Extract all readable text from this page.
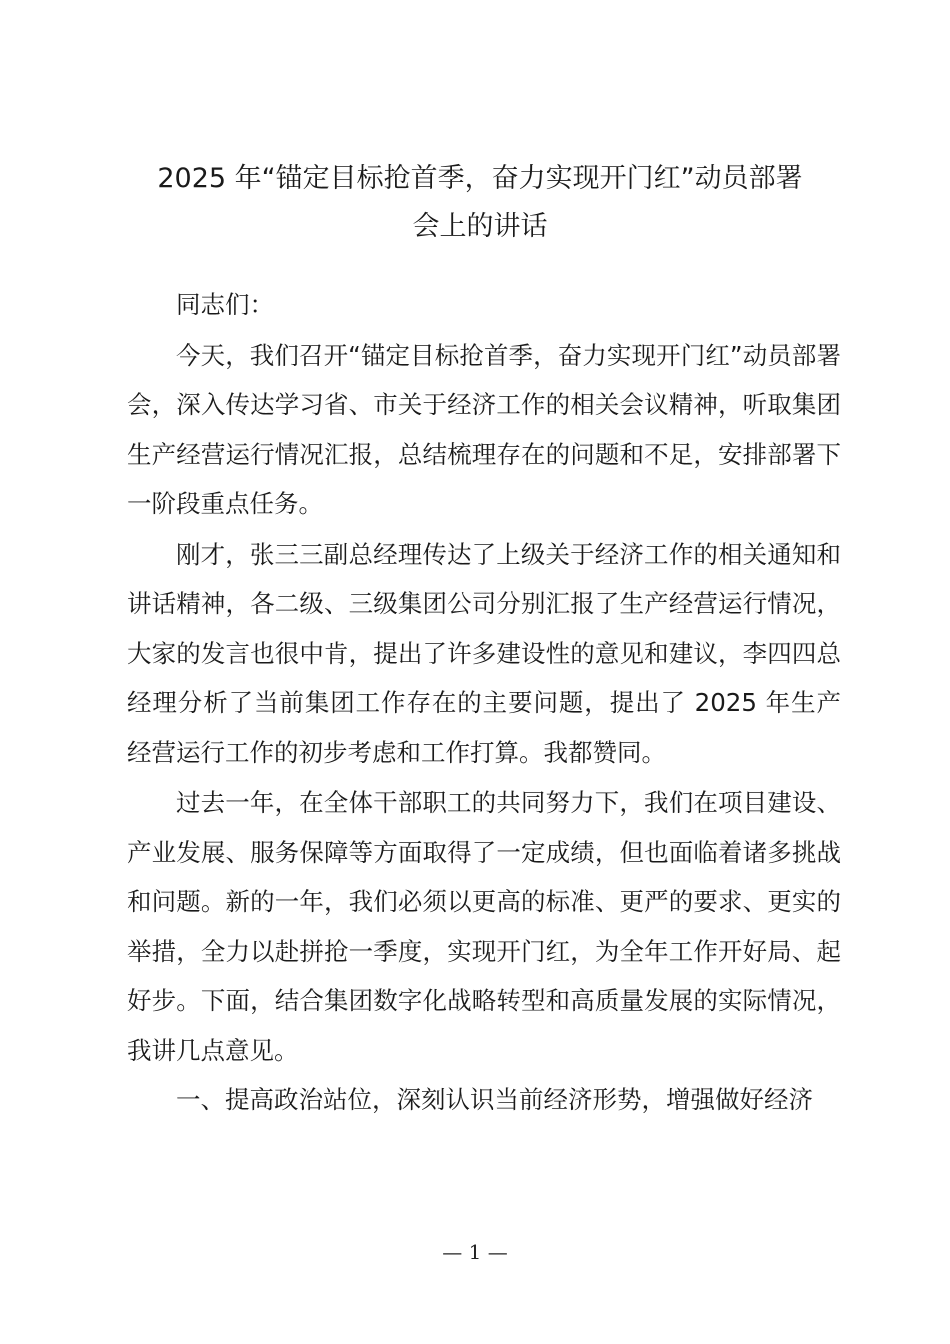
2025 年“锚定目标抢首季，奋力实现开门红”动员部署
会上的讲话

同志们：

今天，我们召开“锚定目标抢首季，奋力实现开门红”动员部署会，深入传达学习省、市关于经济工作的相关会议精神，听取集团生产经营运行情况汇报，总结梳理存在的问题和不足，安排部署下一阶段重点任务。

刚才，张三三副总经理传达了上级关于经济工作的相关通知和讲话精神，各二级、三级集团公司分别汇报了生产经营运行情况，大家的发言也很中肯，提出了许多建设性的意见和建议，李四四总经理分析了当前集团工作存在的主要问题，提出了 2025 年生产经营运行工作的初步考虑和工作打算。我都赞同。

过去一年，在全体干部职工的共同努力下，我们在项目建设、产业发展、服务保障等方面取得了一定成绩，但也面临着诸多挑战和问题。新的一年，我们必须以更高的标准、更严的要求、更实的举措，全力以赴拼抢一季度，实现开门红，为全年工作开好局、起好步。下面，结合集团数字化战略转型和高质量发展的实际情况，我讲几点意见。

一、提高政治站位，深刻认识当前经济形势，增强做好经济

— 1 —
